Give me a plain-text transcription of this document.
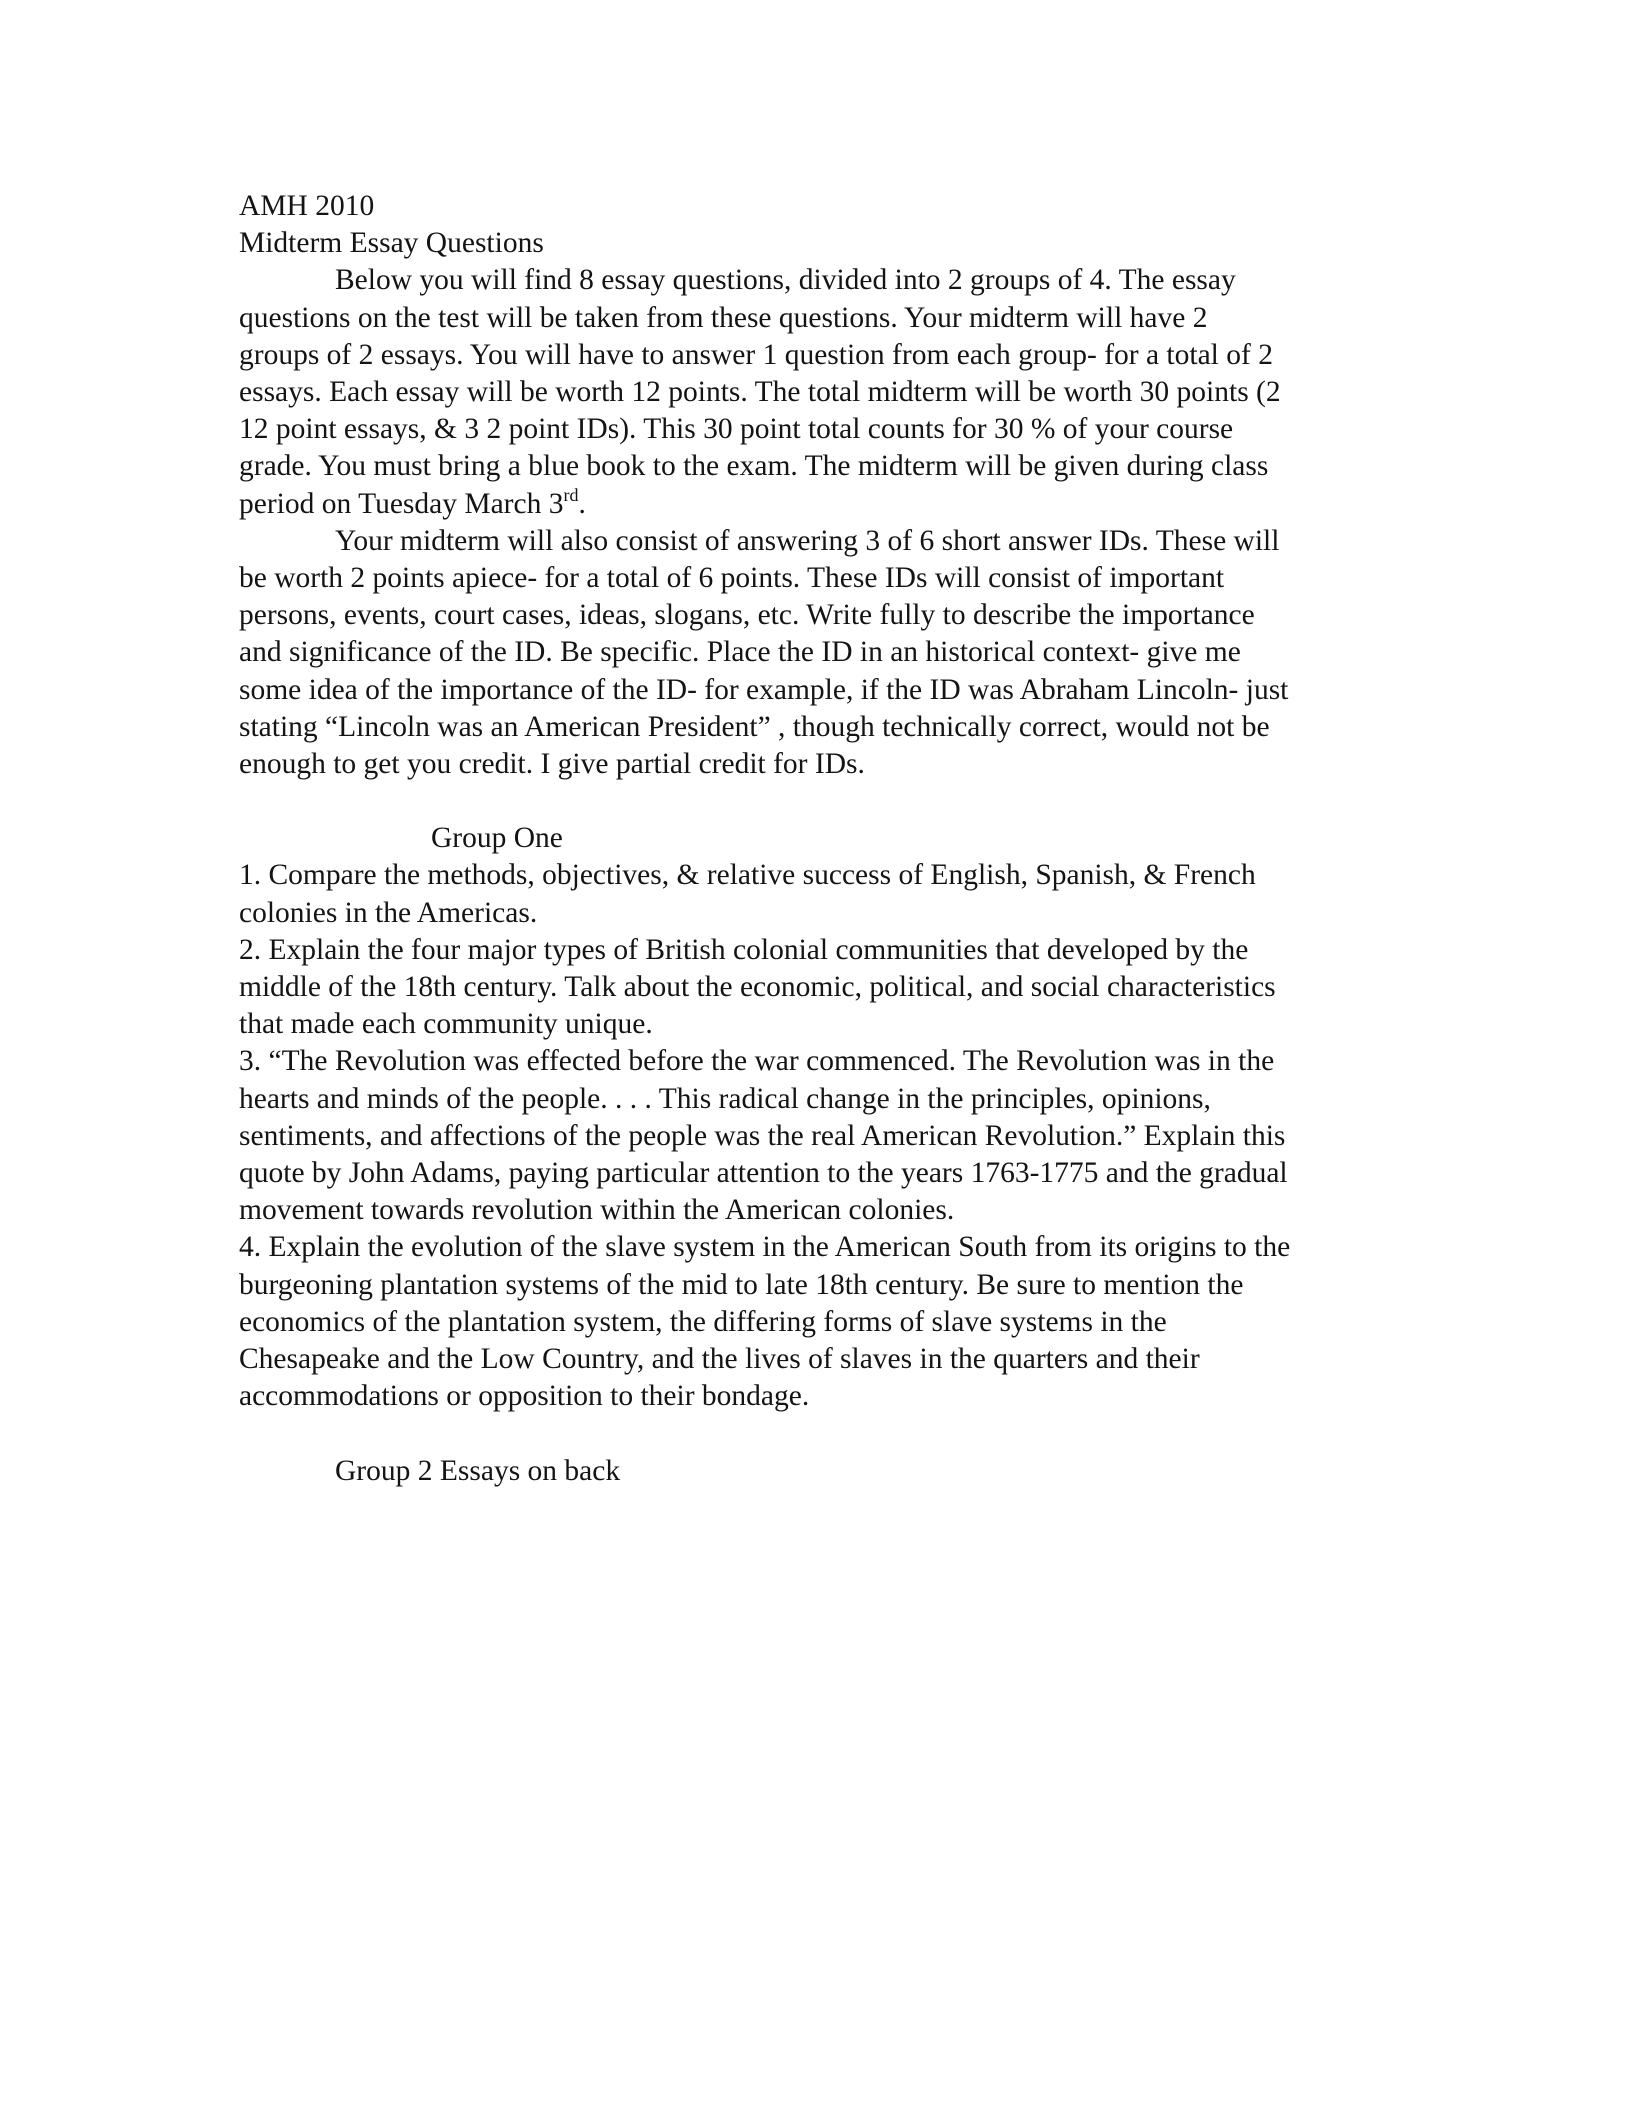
AMH 2010
Midterm Essay Questions
Below you will find 8 essay questions, divided into 2 groups of 4. The essay
questions on the test will be taken from these questions. Your midterm will have 2
groups of 2 essays. You will have to answer 1 question from each group- for a total of 2
essays. Each essay will be worth 12 points. The total midterm will be worth 30 points (2
12 point essays, & 3 2 point IDs). This 30 point total counts for 30 % of your course
grade. You must bring a blue book to the exam. The midterm will be given during class
period on Tuesday March 3rd.
Your midterm will also consist of answering 3 of 6 short answer IDs. These will
be worth 2 points apiece- for a total of 6 points. These IDs will consist of important
persons, events, court cases, ideas, slogans, etc. Write fully to describe the importance
and significance of the ID. Be specific. Place the ID in an historical context- give me
some idea of the importance of the ID- for example, if the ID was Abraham Lincoln- just
stating “Lincoln was an American President” , though technically correct, would not be
enough to get you credit. I give partial credit for IDs.
Group One
1. Compare the methods, objectives, & relative success of English, Spanish, & French
colonies in the Americas.
2. Explain the four major types of British colonial communities that developed by the
middle of the 18th century. Talk about the economic, political, and social characteristics
that made each community unique.
3. “The Revolution was effected before the war commenced. The Revolution was in the
hearts and minds of the people. . . . This radical change in the principles, opinions,
sentiments, and affections of the people was the real American Revolution.” Explain this
quote by John Adams, paying particular attention to the years 1763-1775 and the gradual
movement towards revolution within the American colonies.
4. Explain the evolution of the slave system in the American South from its origins to the
burgeoning plantation systems of the mid to late 18th century. Be sure to mention the
economics of the plantation system, the differing forms of slave systems in the
Chesapeake and the Low Country, and the lives of slaves in the quarters and their
accommodations or opposition to their bondage.
Group 2 Essays on back
